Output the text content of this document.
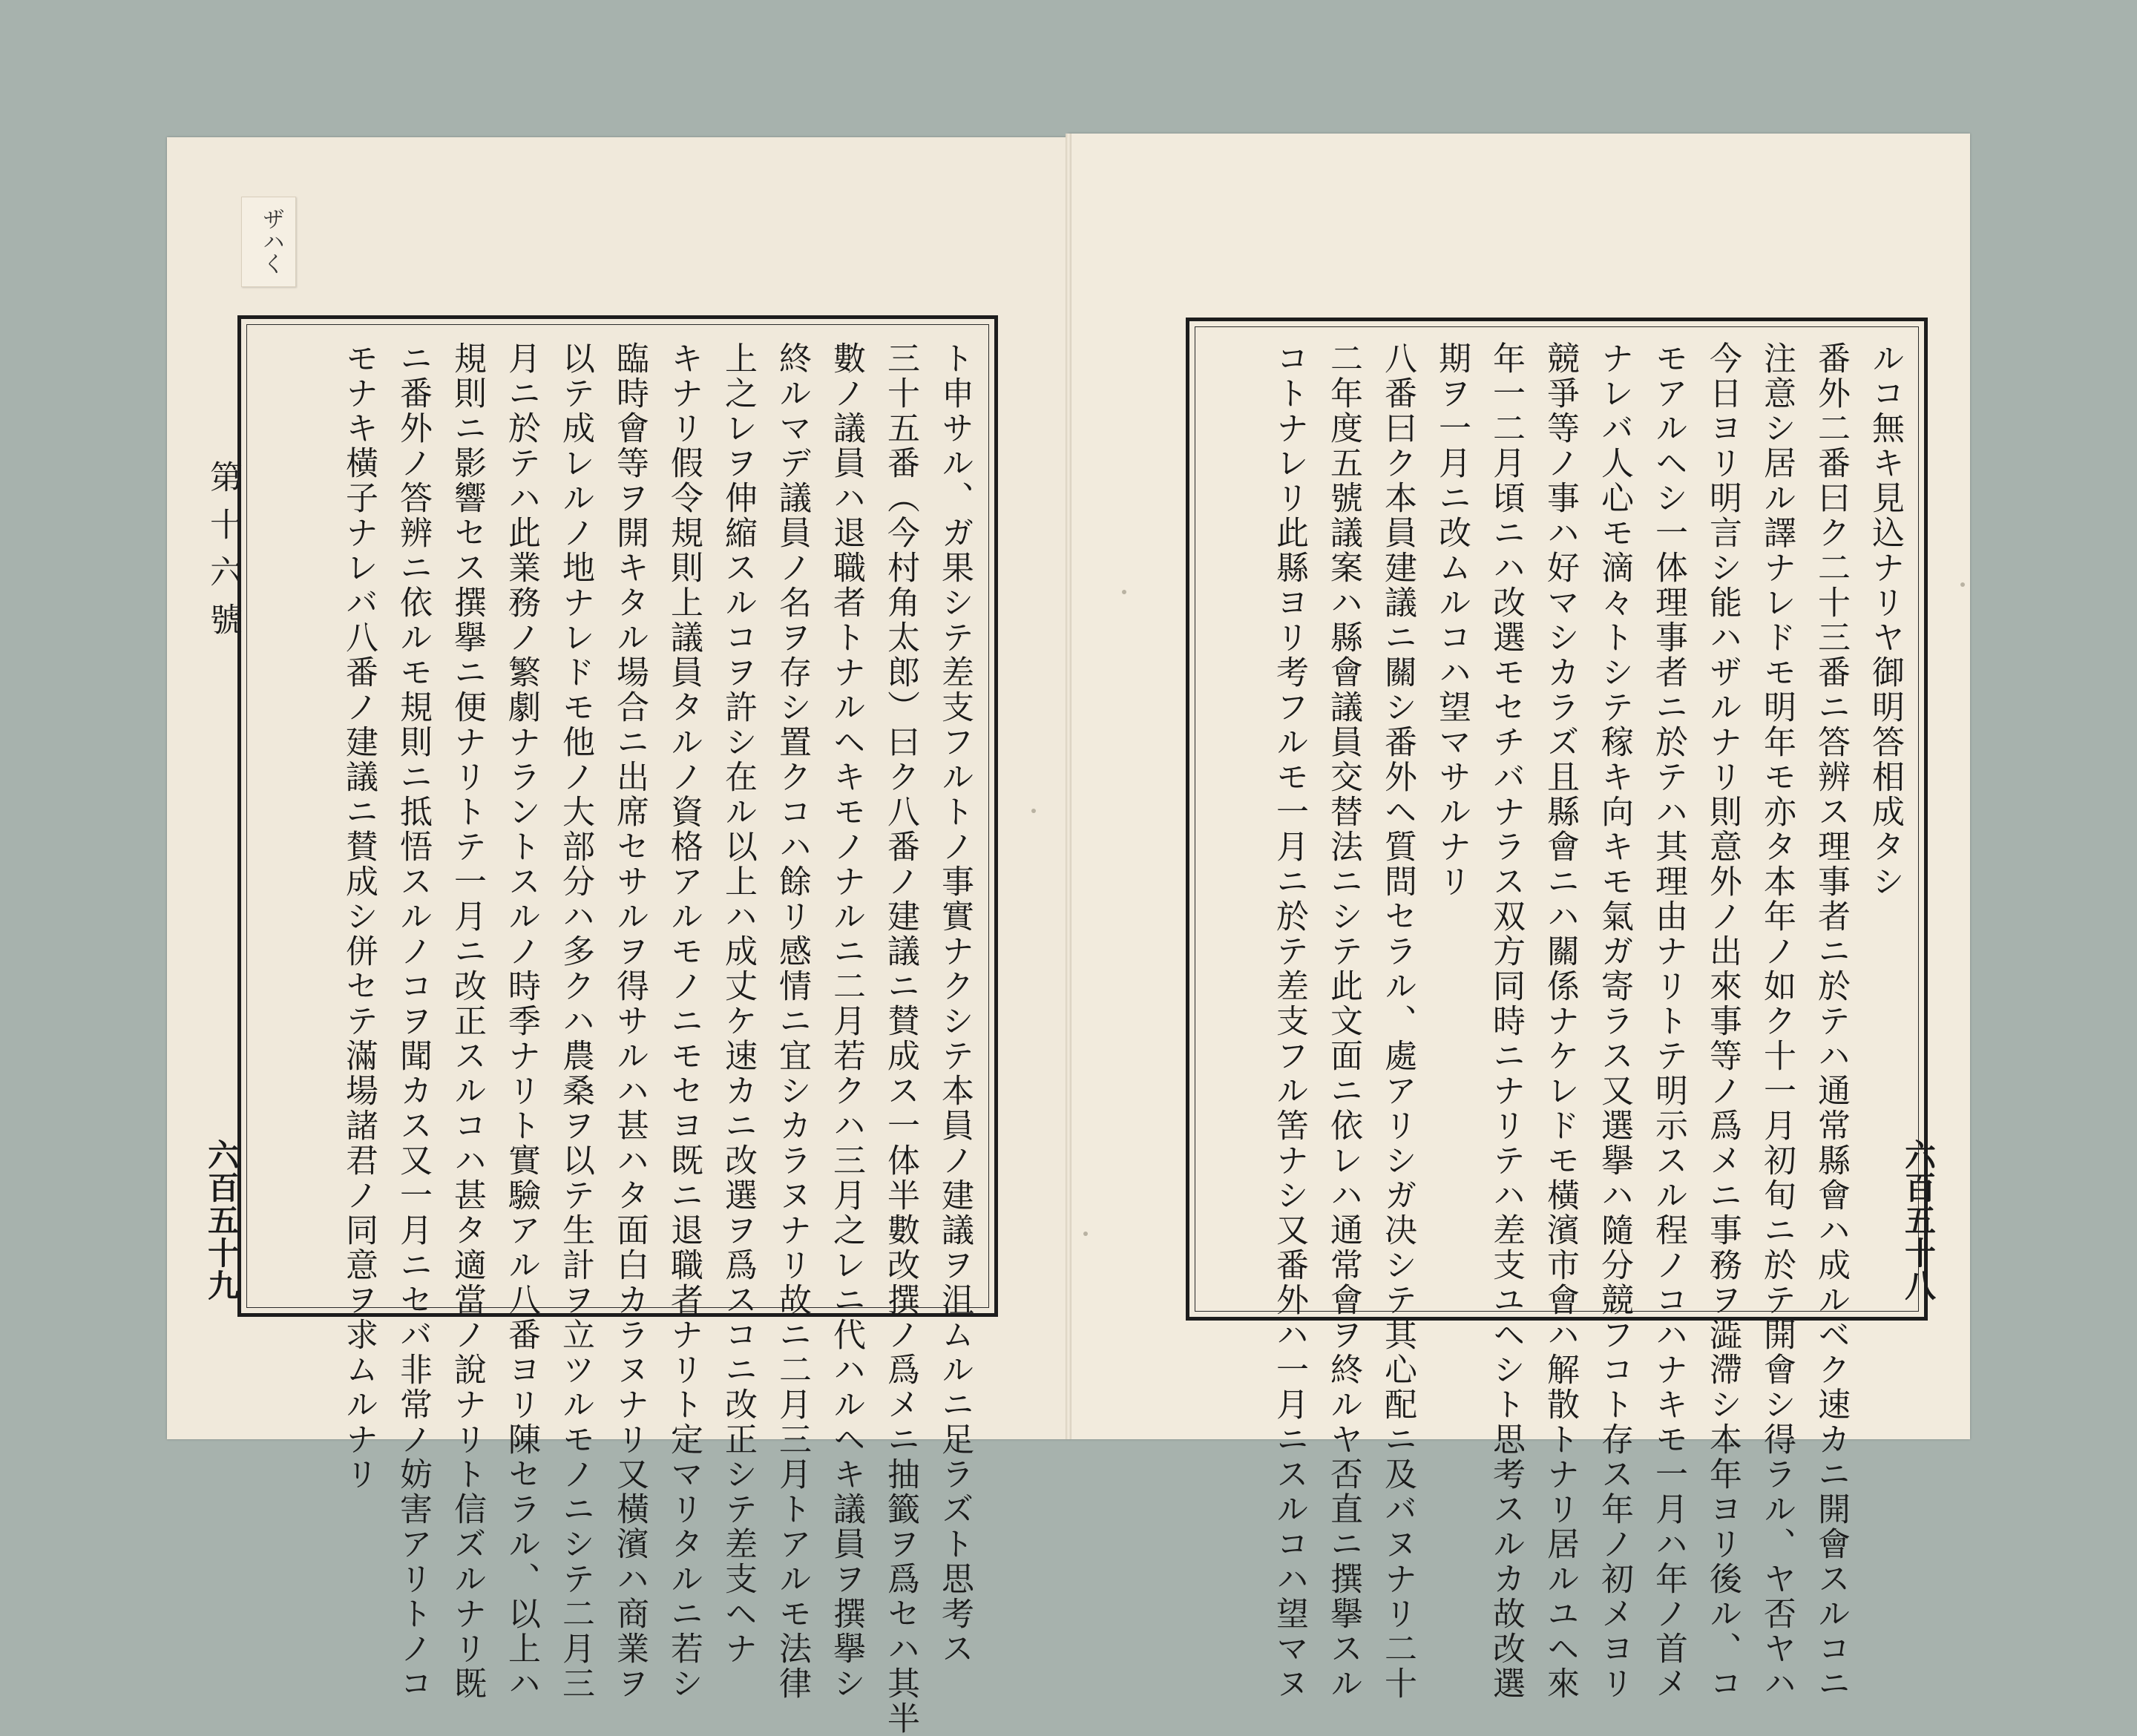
ザハく
第十六號
六百五十九	六百五十八
ト申サル、ガ果シテ差支フルトノ事實ナクシテ本員ノ建議ヲ沮ムルニ足ラズト思考ス
三十五番（今村角太郎）曰ク八番ノ建議ニ賛成ス一体半數改撰ノ爲メニ抽籤ヲ爲セハ其半
數ノ議員ハ退職者トナルヘキモノナルニ二月若クハ三月之レニ代ハルヘキ議員ヲ撰擧シ
終ルマデ議員ノ名ヲ存シ置クコハ餘リ感情ニ宜シカラヌナリ故ニ二月三月トアルモ法律
上之レヲ伸縮スルコヲ許シ在ル以上ハ成丈ケ速カニ改選ヲ爲スコニ改正シテ差支ヘナ
キナリ假令規則上議員タルノ資格アルモノニモセヨ既ニ退職者ナリト定マリタルニ若シ
臨時會等ヲ開キタル場合ニ出席セサルヲ得サルハ甚ハタ面白カラヌナリ又橫濱ハ商業ヲ
以テ成レルノ地ナレドモ他ノ大部分ハ多クハ農桑ヲ以テ生計ヲ立ツルモノニシテ二月三
月ニ於テハ此業務ノ繁劇ナラントスルノ時季ナリト實驗アル八番ヨリ陳セラル、以上ハ
規則ニ影響セス撰擧ニ便ナリトテ一月ニ改正スルコハ甚タ適當ノ說ナリト信ズルナリ既
ニ番外ノ答辨ニ依ルモ規則ニ抵悟スルノコヲ聞カス又一月ニセバ非常ノ妨害アリトノコ
モナキ橫子ナレバ八番ノ建議ニ賛成シ併セテ滿場諸君ノ同意ヲ求ムルナリ	ルコ無キ見込ナリヤ御明答相成タシ
番外二番曰ク二十三番ニ答辨ス理事者ニ於テハ通常縣會ハ成ルベク速カニ開會スルコニ
注意シ居ル譯ナレドモ明年モ亦タ本年ノ如ク十一月初旬ニ於テ開會シ得ラル、ヤ否ヤハ
今日ヨリ明言シ能ハザルナリ則意外ノ出來事等ノ爲メニ事務ヲ澁滯シ本年ヨリ後ル、コ
モアルヘシ一体理事者ニ於テハ其理由ナリトテ明示スル程ノコハナキモ一月ハ年ノ首メ
ナレバ人心モ滴々トシテ稼キ向キモ氣ガ寄ラス又選擧ハ隨分競フコト存ス年ノ初メヨリ
競爭等ノ事ハ好マシカラズ且縣會ニハ關係ナケレドモ橫濱市會ハ解散トナリ居ルユヘ來
年一二月頃ニハ改選モセチバナラス双方同時ニナリテハ差支ユヘシト思考スルカ故改選
期ヲ一月ニ改ムルコハ望マサルナリ
八番曰ク本員建議ニ關シ番外ヘ質問セラル、處アリシガ决シテ其心配ニ及バヌナリ二十
二年度五號議案ハ縣會議員交替法ニシテ此文面ニ依レハ通常會ヲ終ルヤ否直ニ撰擧スル
コトナレリ此縣ヨリ考フルモ一月ニ於テ差支フル筈ナシ又番外ハ一月ニスルコハ望マヌ
